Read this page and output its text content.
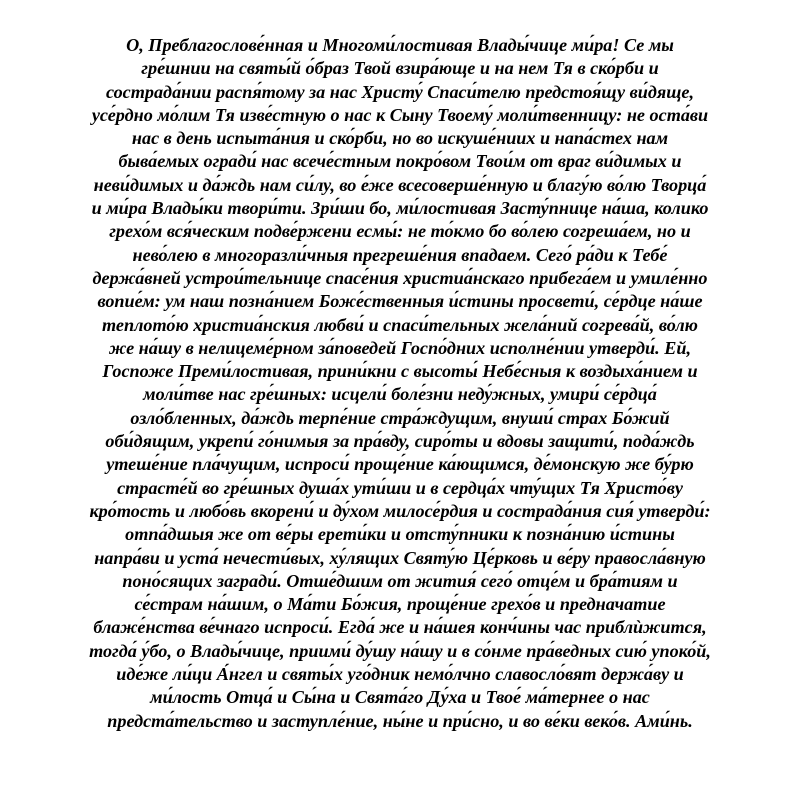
О, Преблагослове́нная и Многоми́лостивая Влады́чице ми́ра! Се мы
гре́шнии на святы́й о́браз Твой взира́юще и на нем Тя в ско́рби и
сострада́нии распя́тому за нас Христу́ Спаси́телю предстоя́щу ви́дяще,
усе́рдно мо́лим Тя изве́стную о нас к Сыну Твоему́ моли́твенницу: не оста́ви
нас в день испыта́ния и ско́рби, но во искуше́ниих и напа́стех нам
быва́емых огради́ нас всече́стным покро́вом Твои́м от враг ви́димых и
неви́димых и да́ждь нам си́лу, во е́же всесоверше́нную и благу́ю во́лю Творца́
и ми́ра Влады́ки твори́ти. Зри́ши бо, ми́лостивая Засту́пнице на́ша, колико
грехо́м вся́ческим подве́ржени есмы́: не то́кмо бо во́лею согреша́ем, но и
нево́лею в многоразли́чныя прегреше́ния впадаем. Сего́ ра́ди к Тебе́
держа́вней устрои́тельнице спасе́ния христиа́нскаго прибега́ем и умиле́нно
вопие́м: ум наш позна́нием Боже́ственныя и́стины просвети́, се́рдце на́ше
теплото́ю христиа́нския любви́ и спаси́тельных жела́ний согрева́й, во́лю
же на́шу в нелицеме́рном за́поведей Госпо́дних исполне́нии утверди́. Ей,
Госпоже Преми́лостивая, прини́кни с высоты́ Небе́сныя к воздыха́нием и
моли́тве нас гре́шных: исцели́ боле́зни неду́жных, умири́ се́рдца́
озло́бленных, да́ждь терпе́ние стра́ждущим, внуши́ страх Бо́жий
оби́дящим, укрепи́ го́нимыя за пра́вду, сиро́ты и вдовы защити́, пода́ждь
утеше́ние пла́чущим, испроси́ проще́ние ка́ющимся, де́монскую же бу́рю
страсте́й во гре́шных душа́х ути́ши и в сердца́х чту́щих Тя Христо́ву
кро́тость и любо́вь вкорени́ и ду́хом милосе́рдия и сострада́ния сия́ утверди́:
отпа́дшыя же от ве́ры ерети́ки и отсту́пники к позна́нию и́стины
напра́ви и уста́ нечести́вых, ху́лящих Святу́ю Це́рковь и ве́ру правосла́вную
поно́сящих загради́. Отше́дшим от жития́ сего́ отце́м и бра́тиям и
се́страм на́шим, о Ма́ти Бо́жия, проще́ние грехо́в и предначатие
блаже́нства ве́чнаго испроси́. Егда́ же и на́шея конч́ины час приблѝжится,
тогда́ у́бо, о Влады́чице, приими́ ду́шу на́шу и в со́нме пра́ведных сию́ упоко́й,
иде́же ли́ци А́нгел и святы́х уго́дник немо́лчно славосло́вят держа́ву и
ми́лость Отца́ и Сы́на и Свята́го Ду́ха и Твое́ ма́тернее о нас
предста́тельство и заступле́ние, ны́не и при́сно, и во ве́ки веко́в. Ами́нь.
